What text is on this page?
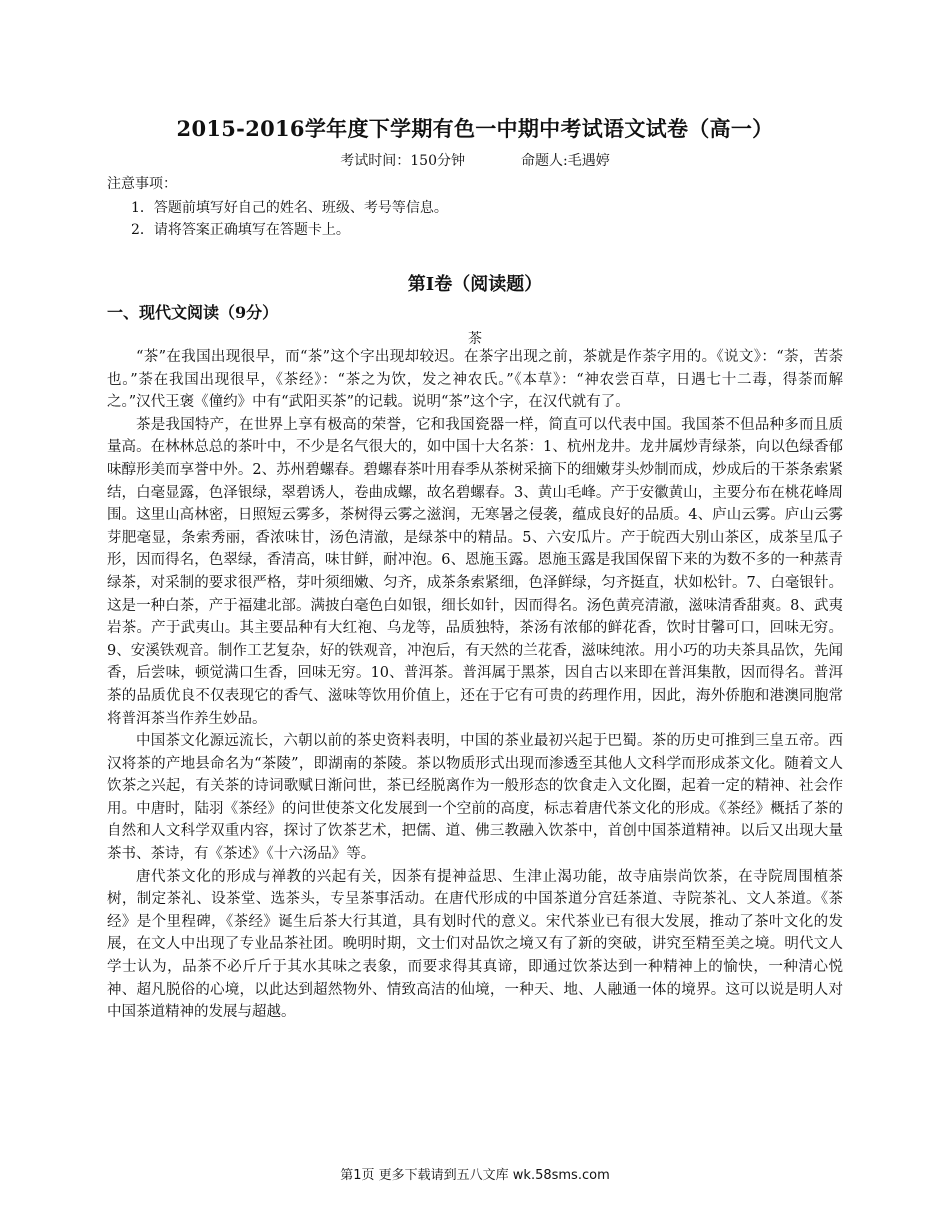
2015-2016学年度下学期有色一中期中考试语文试卷（高一）
考试时间：150分钟	命题人:毛遇婷
注意事项：
1．答题前填写好自己的姓名、班级、考号等信息。
2．请将答案正确填写在答题卡上。
第Ⅰ卷（阅读题）
一、现代文阅读（9分）
茶

“茶”在我国出现很早，而“茶”这个字出现却较迟。在茶字出现之前，茶就是作荼字用的。《说文》：“荼，苦荼也。”荼在我国出现很早，《茶经》：“茶之为饮，发之神农氏。”《本草》：“神农尝百草，日遇七十二毒，得荼而解之。”汉代王褒《僮约》中有“武阳买茶”的记载。说明“茶”这个字，在汉代就有了。

茶是我国特产，在世界上享有极高的荣誉，它和我国瓷器一样，简直可以代表中国。我国茶不但品种多而且质量高。在林林总总的茶叶中，不少是名气很大的，如中国十大名茶：1、杭州龙井。龙井属炒青绿茶，向以色绿香郁味醇形美而享誉中外。2、苏州碧螺春。碧螺春茶叶用春季从茶树采摘下的细嫩芽头炒制而成，炒成后的干茶条索紧结，白毫显露，色泽银绿，翠碧诱人，卷曲成螺，故名碧螺春。3、黄山毛峰。产于安徽黄山，主要分布在桃花峰周围。这里山高林密，日照短云雾多，茶树得云雾之滋润，无寒暑之侵袭，蕴成良好的品质。4、庐山云雾。庐山云雾芽肥毫显，条索秀丽，香浓味甘，汤色清澈，是绿茶中的精品。5、六安瓜片。产于皖西大别山茶区，成茶呈瓜子形，因而得名，色翠绿，香清高，味甘鲜，耐冲泡。6、恩施玉露。恩施玉露是我国保留下来的为数不多的一种蒸青绿茶，对采制的要求很严格，芽叶须细嫩、匀齐，成茶条索紧细，色泽鲜绿，匀齐挺直，状如松针。7、白毫银针。这是一种白茶，产于福建北部。满披白毫色白如银，细长如针，因而得名。汤色黄亮清澈，滋味清香甜爽。8、武夷岩茶。产于武夷山。其主要品种有大红袍、乌龙等，品质独特，茶汤有浓郁的鲜花香，饮时甘馨可口，回味无穷。9、安溪铁观音。制作工艺复杂，好的铁观音，冲泡后，有天然的兰花香，滋味纯浓。用小巧的功夫茶具品饮，先闻香，后尝味，顿觉满口生香，回味无穷。10、普洱茶。普洱属于黑茶，因自古以来即在普洱集散，因而得名。普洱茶的品质优良不仅表现它的香气、滋味等饮用价值上，还在于它有可贵的药理作用，因此，海外侨胞和港澳同胞常将普洱茶当作养生妙品。

中国茶文化源远流长，六朝以前的茶史资料表明，中国的茶业最初兴起于巴蜀。茶的历史可推到三皇五帝。西汉将茶的产地县命名为“茶陵”，即湖南的茶陵。茶以物质形式出现而渗透至其他人文科学而形成茶文化。随着文人饮茶之兴起，有关茶的诗词歌赋日渐问世，茶已经脱离作为一般形态的饮食走入文化圈，起着一定的精神、社会作用。中唐时，陆羽《茶经》的问世使茶文化发展到一个空前的高度，标志着唐代茶文化的形成。《茶经》概括了茶的自然和人文科学双重内容，探讨了饮茶艺术，把儒、道、佛三教融入饮茶中，首创中国茶道精神。以后又出现大量茶书、茶诗，有《茶述》《十六汤品》等。

唐代茶文化的形成与禅教的兴起有关，因茶有提神益思、生津止渴功能，故寺庙崇尚饮茶，在寺院周围植茶树，制定茶礼、设茶堂、选茶头，专呈茶事活动。在唐代形成的中国茶道分宫廷茶道、寺院茶礼、文人茶道。《茶经》是个里程碑，《茶经》诞生后茶大行其道，具有划时代的意义。宋代茶业已有很大发展，推动了茶叶文化的发展，在文人中出现了专业品茶社团。晚明时期，文士们对品饮之境又有了新的突破，讲究至精至美之境。明代文人学士认为，品茶不必斤斤于其水其味之表象，而要求得其真谛，即通过饮茶达到一种精神上的愉快，一种清心悦神、超凡脱俗的心境，以此达到超然物外、情致高洁的仙境，一种天、地、人融通一体的境界。这可以说是明人对中国茶道精神的发展与超越。

第1页 更多下载请到五八文库 wk.58sms.com
